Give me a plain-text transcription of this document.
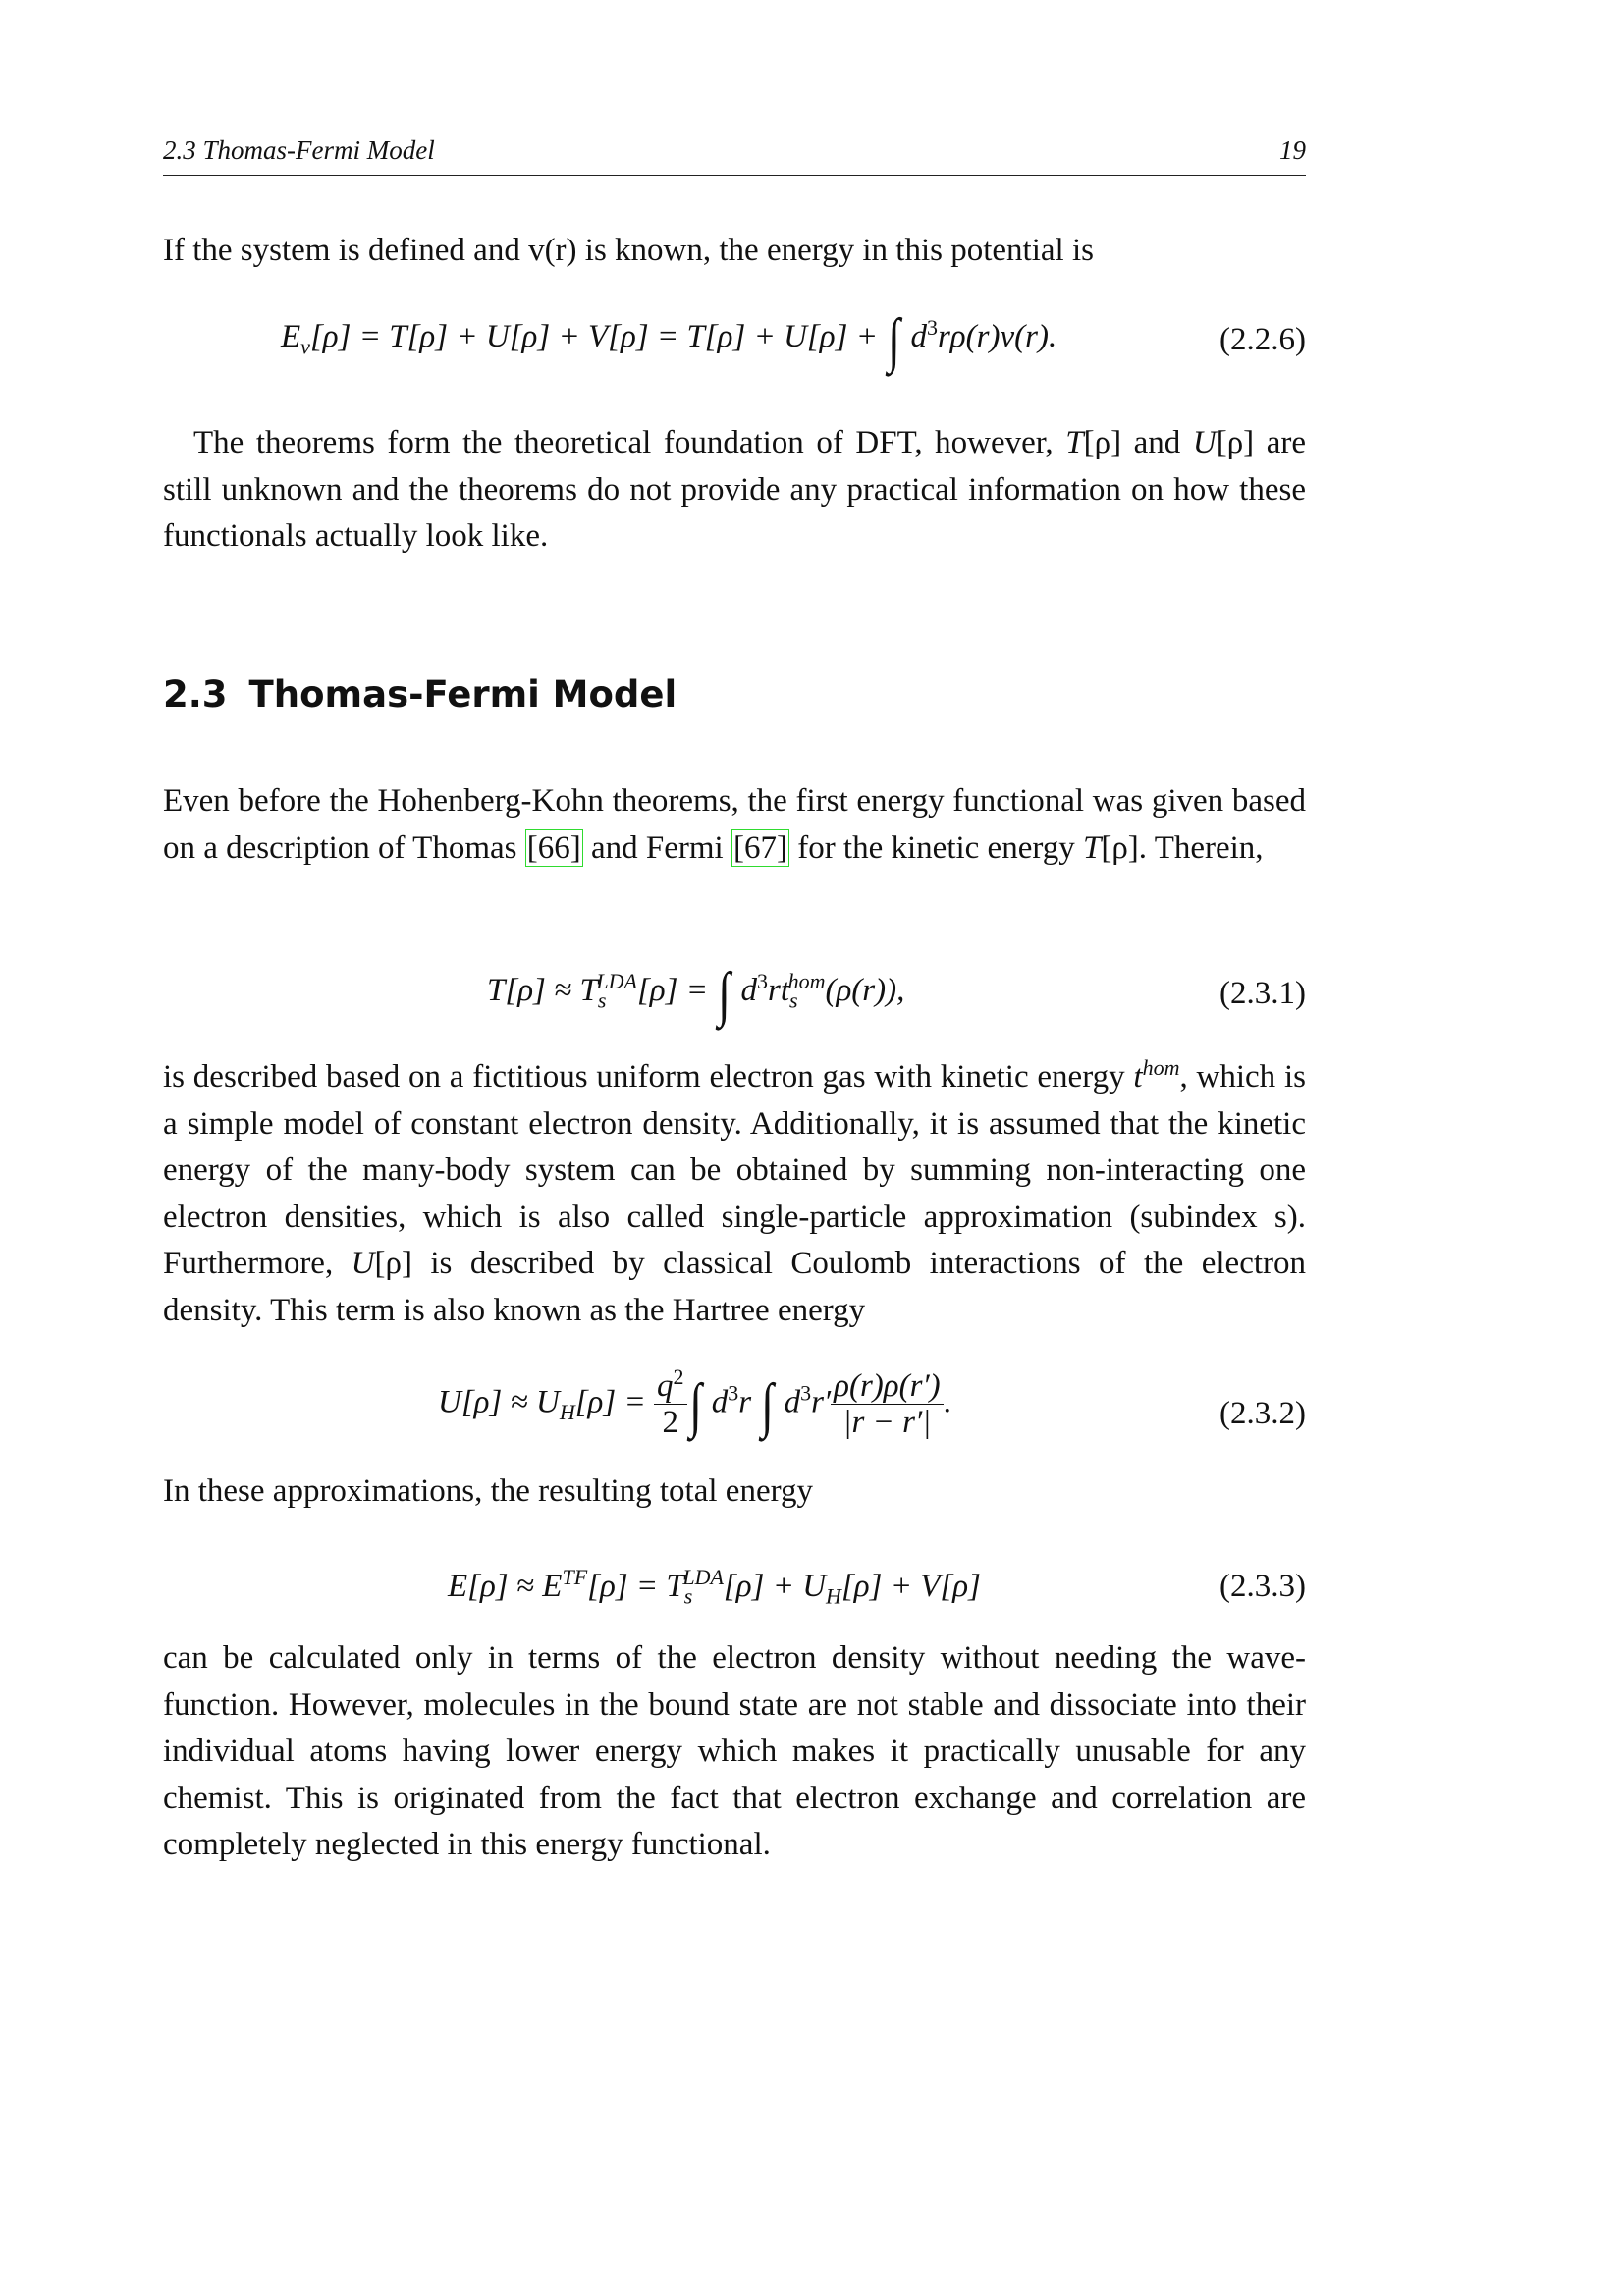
2.3 Thomas-Fermi Model	19

If the system is defined and v(r) is known, the energy in this potential is

$E_v[\rho] = T[\rho] + U[\rho] + V[\rho] = T[\rho] + U[\rho]$ + ∫ $d^3r\rho(r)v(r)$.	(2.2.6)
The theorems form the theoretical foundation of DFT, however, T[ρ] and U[ρ] are still unknown and the theorems do not provide any practical information on how these functionals actually look like.
2.3 Thomas-Fermi Model
Even before the Hohenberg-Kohn theorems, the first energy functional was given based on a description of Thomas [66] and Fermi [67] for the kinetic energy T[ρ]. Therein,
$T[\rho] \approx T_s^{LDA}[\rho]$ = ∫ $d^3rt_s^{hom}(\rho(r))$,	(2.3.1)
is described based on a fictitious uniform electron gas with kinetic energy $t^{hom}$, which is a simple model of constant electron density. Additionally, it is assumed that the kinetic energy of the many-body system can be obtained by summing non-interacting one electron densities, which is also called single-particle approximation (subindex s). Furthermore, U[ρ] is described by classical Coulomb interactions of the electron density. This term is also known as the Hartree energy
$U[\rho] \approx U_H[\rho] = \frac{q^2}{2}$ ∫ $d^3r$ ∫ $d^3r' \frac{\rho(r)\rho(r')}{|r - r'|}$ .	(2.3.2)

In these approximations, the resulting total energy

$E[\rho] \approx E^{TF}[\rho] = T_s^{LDA}[\rho] + U_H[\rho] + V[\rho]$	(2.3.3)

can be calculated only in terms of the electron density without needing the wave-function. However, molecules in the bound state are not stable and dissociate into their individual atoms having lower energy which makes it practically unusable for any chemist. This is originated from the fact that electron exchange and correlation are completely neglected in this energy functional.
